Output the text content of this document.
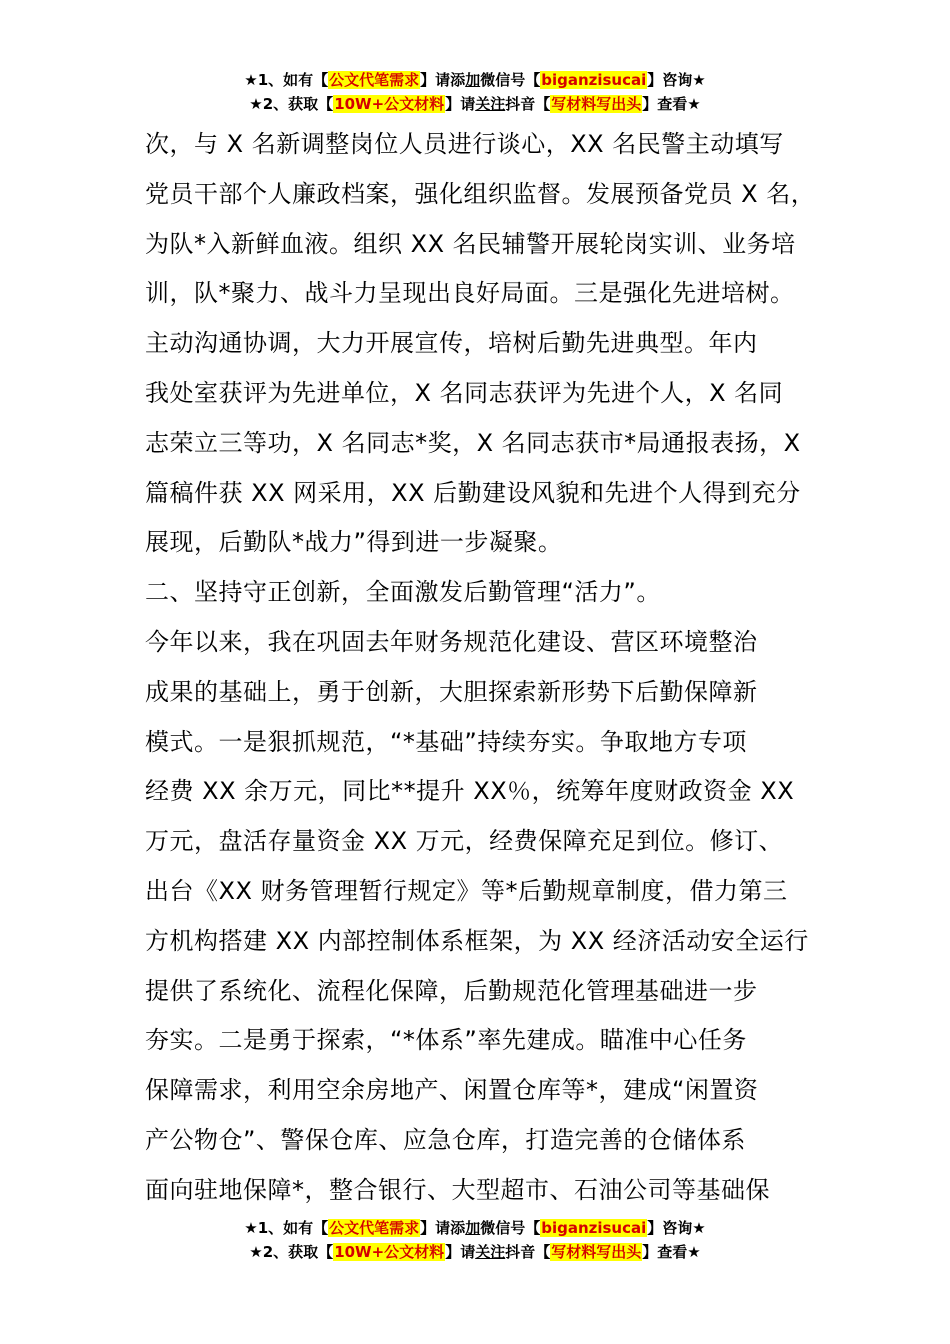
★1、如有【公文代笔需求】请添加微信号【biganzisucai】咨询★
★2、获取【10W+公文材料】请关注抖音【写材料写出头】查看★
次，与 X 名新调整岗位人员进行谈心，XX 名民警主动填写
党员干部个人廉政档案，强化组织监督。发展预备党员 X 名，
为队*入新鲜血液。组织 XX 名民辅警开展轮岗实训、业务培
训，队*聚力、战斗力呈现出良好局面。三是强化先进培树。
主动沟通协调，大力开展宣传，培树后勤先进典型。年内
我处室获评为先进单位，X 名同志获评为先进个人，X 名同
志荣立三等功，X 名同志*奖，X 名同志获市*局通报表扬，X
篇稿件获 XX 网采用，XX 后勤建设风貌和先进个人得到充分
展现，后勤队*战力”得到进一步凝聚。
二、坚持守正创新，全面激发后勤管理“活力”。
今年以来，我在巩固去年财务规范化建设、营区环境整治
成果的基础上，勇于创新，大胆探索新形势下后勤保障新
模式。一是狠抓规范，“*基础”持续夯实。争取地方专项
经费 XX 余万元，同比**提升 XX％，统筹年度财政资金 XX
万元，盘活存量资金 XX 万元，经费保障充足到位。修订、
出台《XX 财务管理暂行规定》等*后勤规章制度，借力第三
方机构搭建 XX 内部控制体系框架，为 XX 经济活动安全运行
提供了系统化、流程化保障，后勤规范化管理基础进一步
夯实。二是勇于探索，“*体系”率先建成。瞄准中心任务
保障需求，利用空余房地产、闲置仓库等*，建成“闲置资
产公物仓”、警保仓库、应急仓库，打造完善的仓储体系
面向驻地保障*，整合银行、大型超市、石油公司等基础保
★1、如有【公文代笔需求】请添加微信号【biganzisucai】咨询★
★2、获取【10W+公文材料】请关注抖音【写材料写出头】查看★
